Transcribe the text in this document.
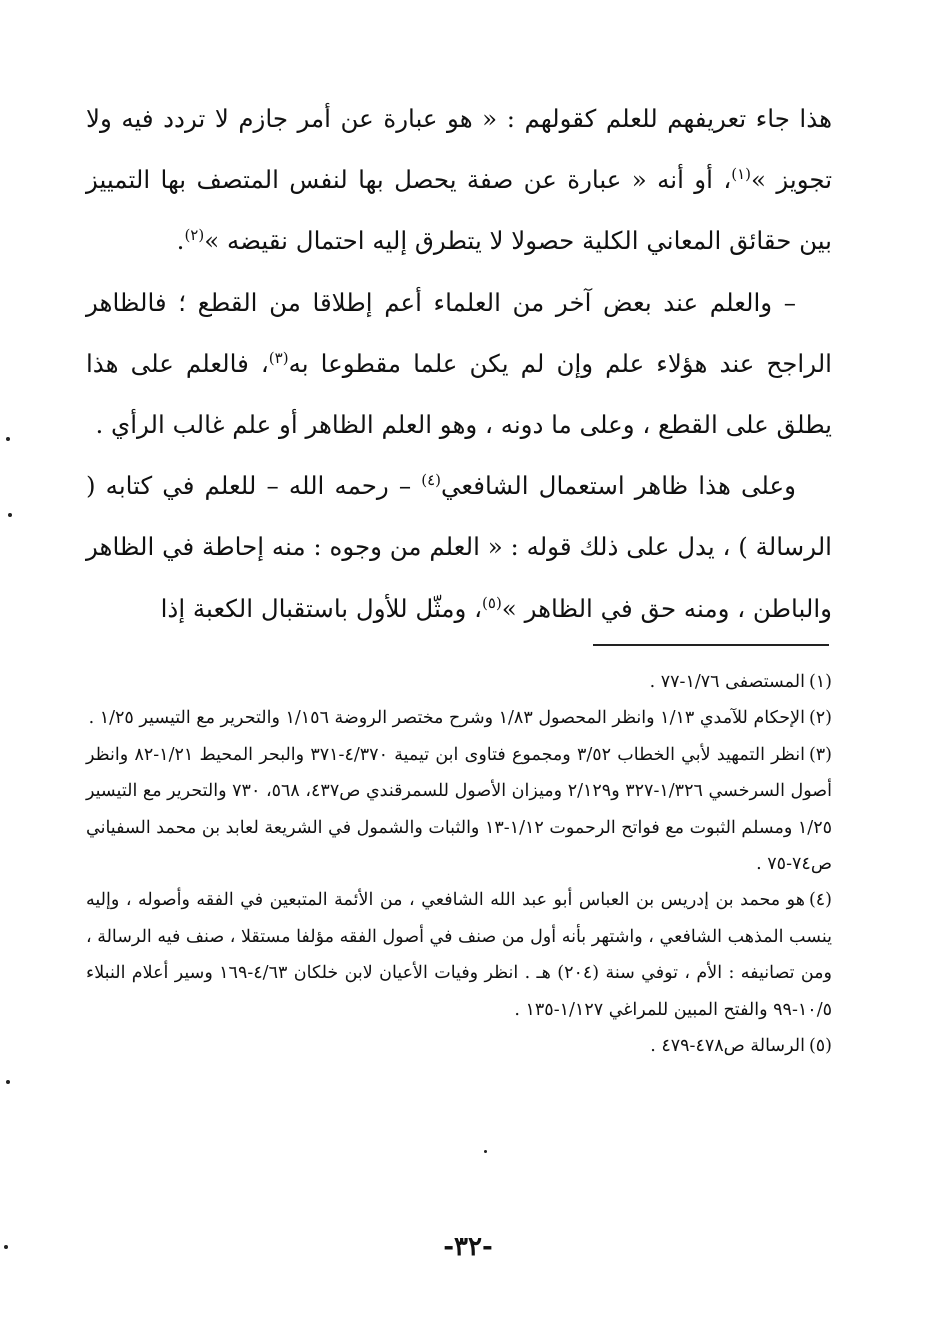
هذا جاء تعريفهم للعلم كقولهم : « هو عبارة عن أمر جازم لا تردد فيه ولا تجويز »$^{(١)}$، أو أنه « عبارة عن صفة يحصل بها لنفس المتصف بها التمييز بين حقائق المعاني الكلية حصولا لا يتطرق إليه احتمال نقيضه »$^{(٢)}$.

– والعلم عند بعض آخر من العلماء أعم إطلاقا من القطع ؛ فالظاهر الراجح عند هؤلاء علم وإن لم يكن علما مقطوعا به$^{(٣)}$، فالعلم على هذا يطلق على القطع ، وعلى ما دونه ، وهو العلم الظاهر أو علم غالب الرأي .

وعلى هذا ظاهر استعمال الشافعي$^{(٤)}$ – رحمه الله – للعلم في كتابه ( الرسالة ) ، يدل على ذلك قوله : « العلم من وجوه : منه إحاطة في الظاهر والباطن ، ومنه حق في الظاهر »$^{(٥)}$، ومثّل للأول باستقبال الكعبة إذا

(١)المستصفى ١/٧٦-٧٧ .

(٢)الإحكام للآمدي ١/١٣ وانظر المحصول ١/٨٣ وشرح مختصر الروضة ١/١٥٦ والتحرير مع التيسير ١/٢٥ .

(٣)انظر التمهيد لأبي الخطاب ٣/٥٢ ومجموع فتاوى ابن تيمية ٤/٣٧٠-٣٧١ والبحر المحيط ١/٢١-٨٢ وانظر أصول السرخسي ١/٣٢٦-٣٢٧ و٢/١٢٩ وميزان الأصول للسمرقندي ص٤٣٧، ٥٦٨، ٧٣٠ والتحرير مع التيسير ١/٢٥ ومسلم الثبوت مع فواتح الرحموت ١/١٢-١٣ والثبات والشمول في الشريعة لعابد بن محمد السفياني ص٧٤-٧٥ .

(٤)هو محمد بن إدريس بن العباس أبو عبد الله الشافعي ، من الأئمة المتبعين في الفقه وأصوله ، وإليه ينسب المذهب الشافعي ، واشتهر بأنه أول من صنف في أصول الفقه مؤلفا مستقلا ، صنف فيه الرسالة ، ومن تصانيفه : الأم ، توفي سنة (٢٠٤) هـ . انظر وفيات الأعيان لابن خلكان ٤/٦٣-١٦٩ وسير أعلام النبلاء ١٠/٥-٩٩ والفتح المبين للمراغي ١/١٢٧-١٣٥ .

(٥)الرسالة ص٤٧٨-٤٧٩ .

-٣٢-
